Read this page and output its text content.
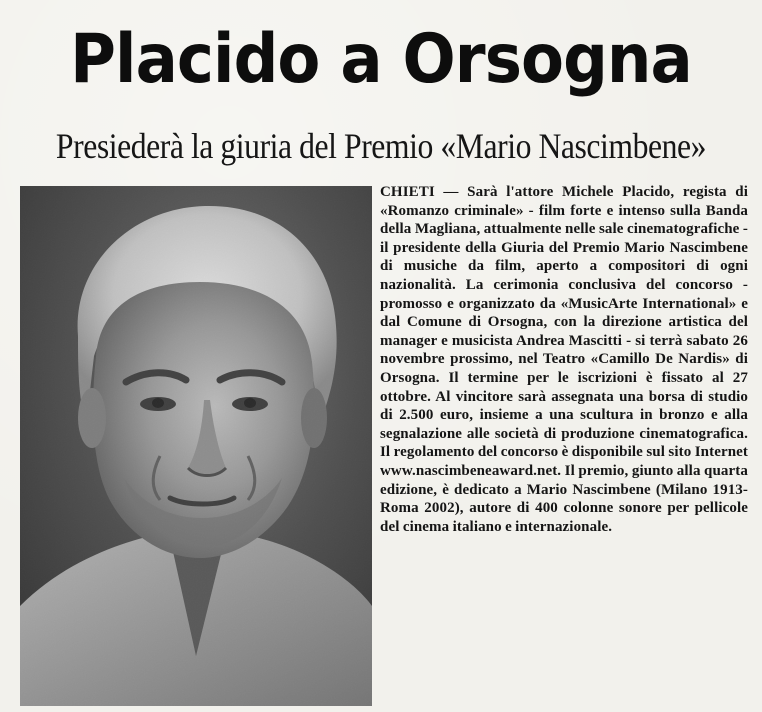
Placido a Orsogna
Presiederà la giuria del Premio «Mario Nascimbene»

CHIETI — Sarà l'attore Michele Placido, regista di «Romanzo criminale» - film forte e intenso sulla Banda della Magliana, attualmente nelle sale cinematografiche - il presidente della Giuria del Premio Mario Nascimbene di musiche da film, aperto a compositori di ogni nazionalità. La cerimonia conclusiva del concorso - promosso e organizzato da «MusicArte International» e dal Comune di Orsogna, con la direzione artistica del manager e musicista Andrea Mascitti - si terrà sabato 26 novembre prossimo, nel Teatro «Camillo De Nardis» di Orsogna. Il termine per le iscrizioni è fissato al 27 ottobre. Al vincitore sarà assegnata una borsa di studio di 2.500 euro, insieme a una scultura in bronzo e alla segnalazione alle società di produzione cinematografica. Il regolamento del concorso è disponibile sul sito Internet www.nascimbeneaward.net. Il premio, giunto alla quarta edizione, è dedicato a Mario Nascimbene (Milano 1913-Roma 2002), autore di 400 colonne sonore per pellicole del cinema italiano e internazionale.
